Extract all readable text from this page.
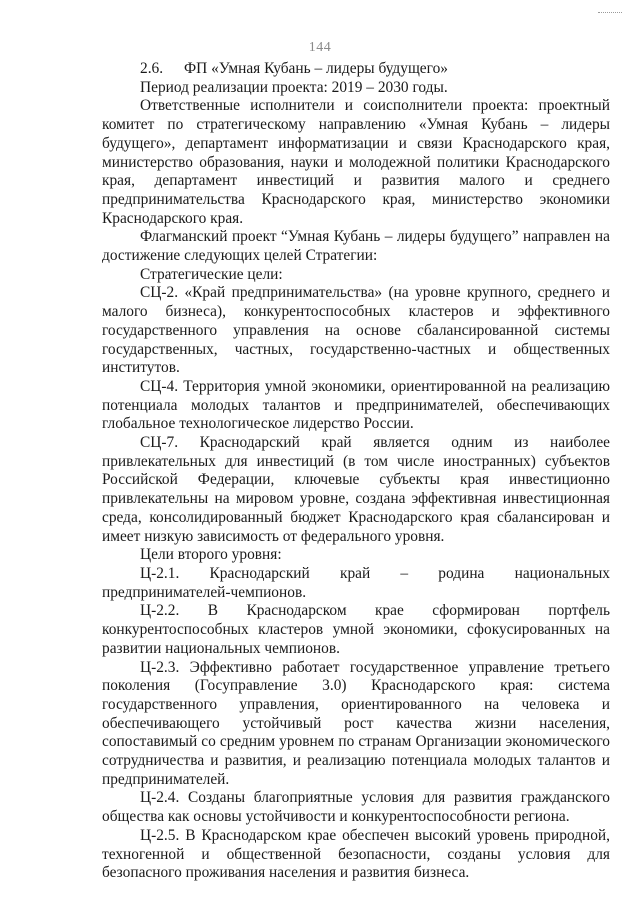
144

2.6. ФП «Умная Кубань – лидеры будущего»

Период реализации проекта: 2019 – 2030 годы.

Ответственные исполнители и соисполнители проекта: проектный комитет по стратегическому направлению «Умная Кубань – лидеры будущего», департамент информатизации и связи Краснодарского края, министерство образования, науки и молодежной политики Краснодарского края, департамент инвестиций и развития малого и среднего предпринимательства Краснодарского края, министерство экономики Краснодарского края.

Флагманский проект “Умная Кубань – лидеры будущего” направлен на достижение следующих целей Стратегии:

Стратегические цели:

СЦ-2. «Край предпринимательства» (на уровне крупного, среднего и малого бизнеса), конкурентоспособных кластеров и эффективного государственного управления на основе сбалансированной системы государственных, частных, государственно-частных и общественных институтов.

СЦ-4. Территория умной экономики, ориентированной на реализацию потенциала молодых талантов и предпринимателей, обеспечивающих глобальное технологическое лидерство России.

СЦ-7. Краснодарский край является одним из наиболее привлекательных для инвестиций (в том числе иностранных) субъектов Российской Федерации, ключевые субъекты края инвестиционно привлекательны на мировом уровне, создана эффективная инвестиционная среда, консолидированный бюджет Краснодарского края сбалансирован и имеет низкую зависимость от федерального уровня.

Цели второго уровня:

Ц-2.1. Краснодарский край – родина национальных предпринимателей-чемпионов.

Ц-2.2. В Краснодарском крае сформирован портфель конкурентоспособных кластеров умной экономики, сфокусированных на развитии национальных чемпионов.

Ц-2.3. Эффективно работает государственное управление третьего поколения (Госуправление 3.0) Краснодарского края: система государственного управления, ориентированного на человека и обеспечивающего устойчивый рост качества жизни населения, сопоставимый со средним уровнем по странам Организации экономического сотрудничества и развития, и реализацию потенциала молодых талантов и предпринимателей.

Ц-2.4. Созданы благоприятные условия для развития гражданского общества как основы устойчивости и конкурентоспособности региона.

Ц-2.5. В Краснодарском крае обеспечен высокий уровень природной, техногенной и общественной безопасности, созданы условия для безопасного проживания населения и развития бизнеса.
